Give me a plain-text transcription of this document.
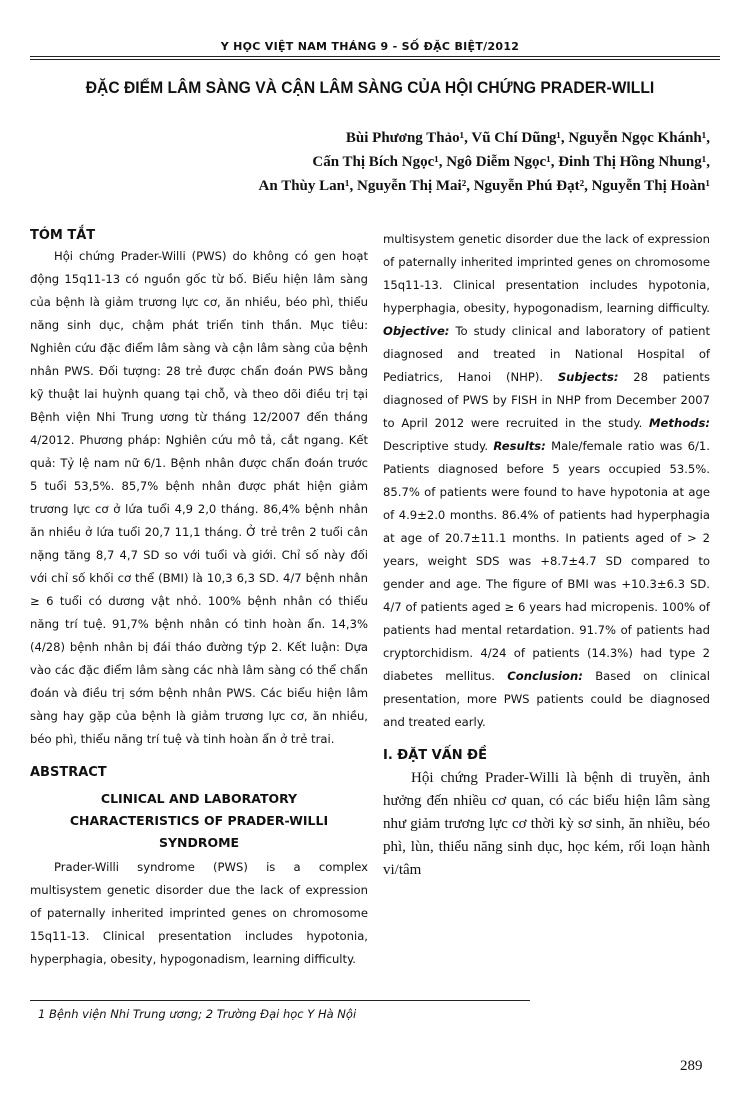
Y HỌC VIỆT NAM THÁNG 9 - SỐ ĐẶC BIỆT/2012
ĐẶC ĐIỂM LÂM SÀNG VÀ CẬN LÂM SÀNG CỦA HỘI CHỨNG PRADER-WILLI
Bùi Phương Thảo¹, Vũ Chí Dũng¹, Nguyễn Ngọc Khánh¹,
Cấn Thị Bích Ngọc¹, Ngô Diễm Ngọc¹, Đinh Thị Hồng Nhung¹,
An Thùy Lan¹, Nguyễn Thị Mai², Nguyễn Phú Đạt², Nguyễn Thị Hoàn¹
TÓM TẮT

Hội chứng Prader-Willi (PWS) do không có gen hoạt động 15q11-13 có nguồn gốc từ bố. Biểu hiện lâm sàng của bệnh là giảm trương lực cơ, ăn nhiều, béo phì, thiểu năng sinh dục, chậm phát triển tinh thần. Mục tiêu: Nghiên cứu đặc điểm lâm sàng và cận lâm sàng của bệnh nhân PWS. Đối tượng: 28 trẻ được chẩn đoán PWS bằng kỹ thuật lai huỳnh quang tại chỗ, và theo dõi điều trị tại Bệnh viện Nhi Trung ương từ tháng 12/2007 đến tháng 4/2012. Phương pháp: Nghiên cứu mô tả, cắt ngang. Kết quả: Tỷ lệ nam nữ 6/1. Bệnh nhân được chẩn đoán trước 5 tuổi 53,5%. 85,7% bệnh nhân được phát hiện giảm trương lực cơ ở lứa tuổi 4,9 2,0 tháng. 86,4% bệnh nhân ăn nhiều ở lứa tuổi 20,7 11,1 tháng. Ở trẻ trên 2 tuổi cân nặng tăng 8,7 4,7 SD so với tuổi và giới. Chỉ số này đối với chỉ số khối cơ thể (BMI) là 10,3 6,3 SD. 4/7 bệnh nhân ≥ 6 tuổi có dương vật nhỏ. 100% bệnh nhân có thiểu năng trí tuệ. 91,7% bệnh nhân có tinh hoàn ẩn. 14,3% (4/28) bệnh nhân bị đái tháo đường týp 2. Kết luận: Dựa vào các đặc điểm lâm sàng các nhà lâm sàng có thể chẩn đoán và điều trị sớm bệnh nhân PWS. Các biểu hiện lâm sàng hay gặp của bệnh là giảm trương lực cơ, ăn nhiều, béo phì, thiểu năng trí tuệ và tinh hoàn ẩn ở trẻ trai.

ABSTRACT
CLINICAL AND LABORATORY
CHARACTERISTICS OF PRADER-WILLI
SYNDROME

Prader-Willi syndrome (PWS) is a complex multisystem genetic disorder due the lack of expression of paternally inherited imprinted genes on chromosome 15q11-13. Clinical presentation includes hypotonia, hyperphagia, obesity, hypogonadism, learning difficulty.

multisystem genetic disorder due the lack of expression of paternally inherited imprinted genes on chromosome 15q11-13. Clinical presentation includes hypotonia, hyperphagia, obesity, hypogonadism, learning difficulty. Objective: To study clinical and laboratory of patient diagnosed and treated in National Hospital of Pediatrics, Hanoi (NHP). Subjects: 28 patients diagnosed of PWS by FISH in NHP from December 2007 to April 2012 were recruited in the study. Methods: Descriptive study. Results: Male/female ratio was 6/1. Patients diagnosed before 5 years occupied 53.5%. 85.7% of patients were found to have hypotonia at age of 4.9±2.0 months. 86.4% of patients had hyperphagia at age of 20.7±11.1 months. In patients aged of > 2 years, weight SDS was +8.7±4.7 SD compared to gender and age. The figure of BMI was +10.3±6.3 SD. 4/7 of patients aged ≥ 6 years had micropenis. 100% of patients had mental retardation. 91.7% of patients had cryptorchidism. 4/24 of patients (14.3%) had type 2 diabetes mellitus. Conclusion: Based on clinical presentation, more PWS patients could be diagnosed and treated early.

I. ĐẶT VẤN ĐỀ

Hội chứng Prader-Willi là bệnh di truyền, ảnh hưởng đến nhiều cơ quan, có các biểu hiện lâm sàng như giảm trương lực cơ thời kỳ sơ sinh, ăn nhiều, béo phì, lùn, thiểu năng sinh dục, học kém, rối loạn hành vi/tâm

1 Bệnh viện Nhi Trung ương; 2 Trường Đại học Y Hà Nội
289
